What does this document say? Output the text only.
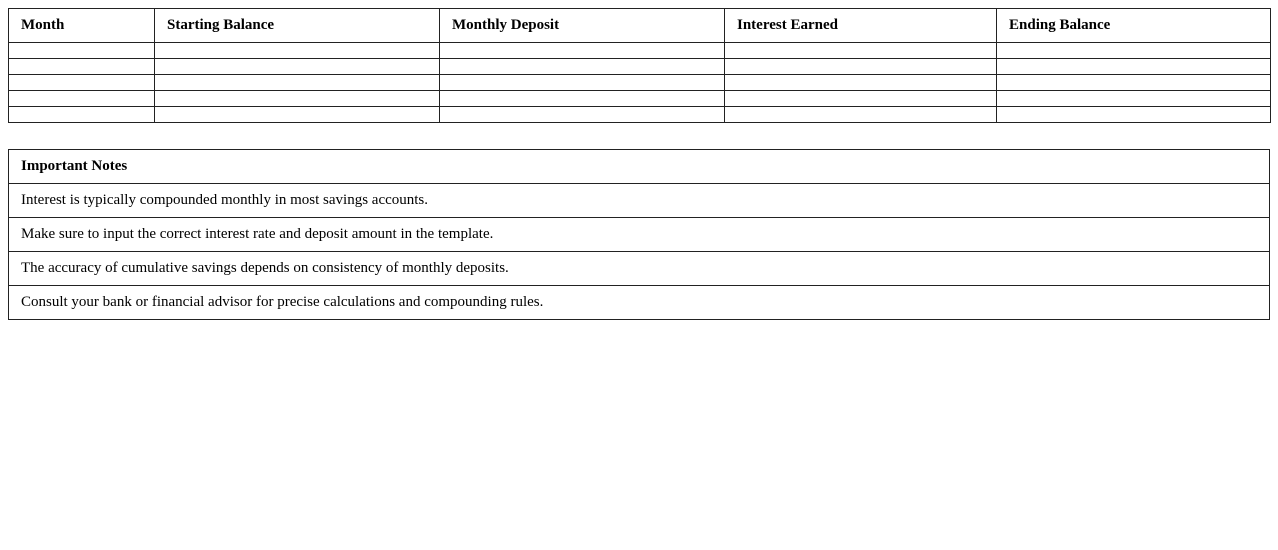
Month	Starting Balance	Monthly Deposit	Interest Earned	Ending Balance

Important Notes
Interest is typically compounded monthly in most savings accounts.
Make sure to input the correct interest rate and deposit amount in the template.
The accuracy of cumulative savings depends on consistency of monthly deposits.
Consult your bank or financial advisor for precise calculations and compounding rules.
